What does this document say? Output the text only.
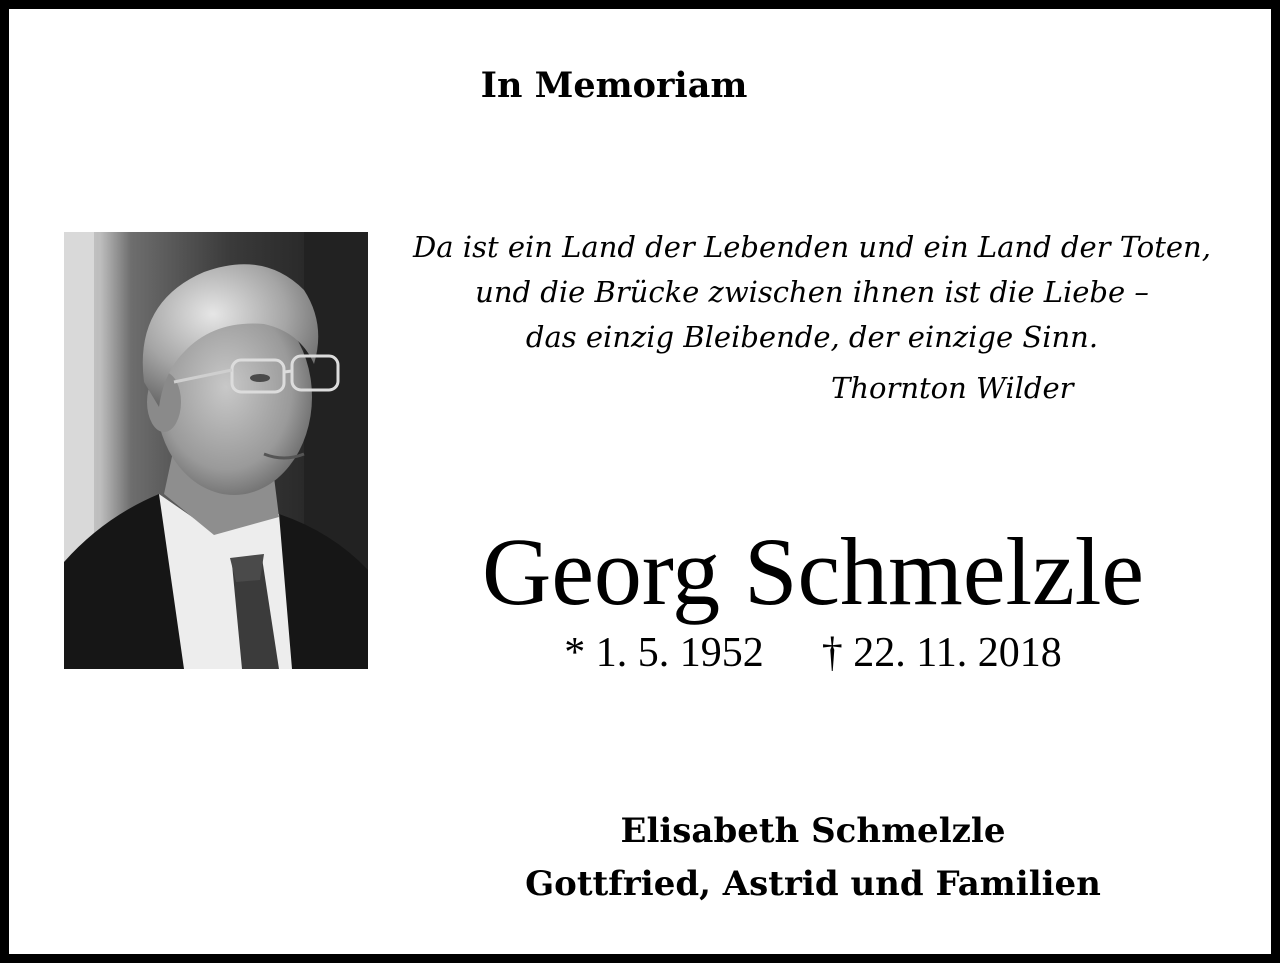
In Memoriam
Da ist ein Land der Lebenden und ein Land der Toten,
und die Brücke zwischen ihnen ist die Liebe –
das einzig Bleibende, der einzige Sinn.
Thornton Wilder
Georg Schmelzle
* 1. 5. 1952 † 22. 11. 2018
Elisabeth Schmelzle
Gottfried, Astrid und Familien
